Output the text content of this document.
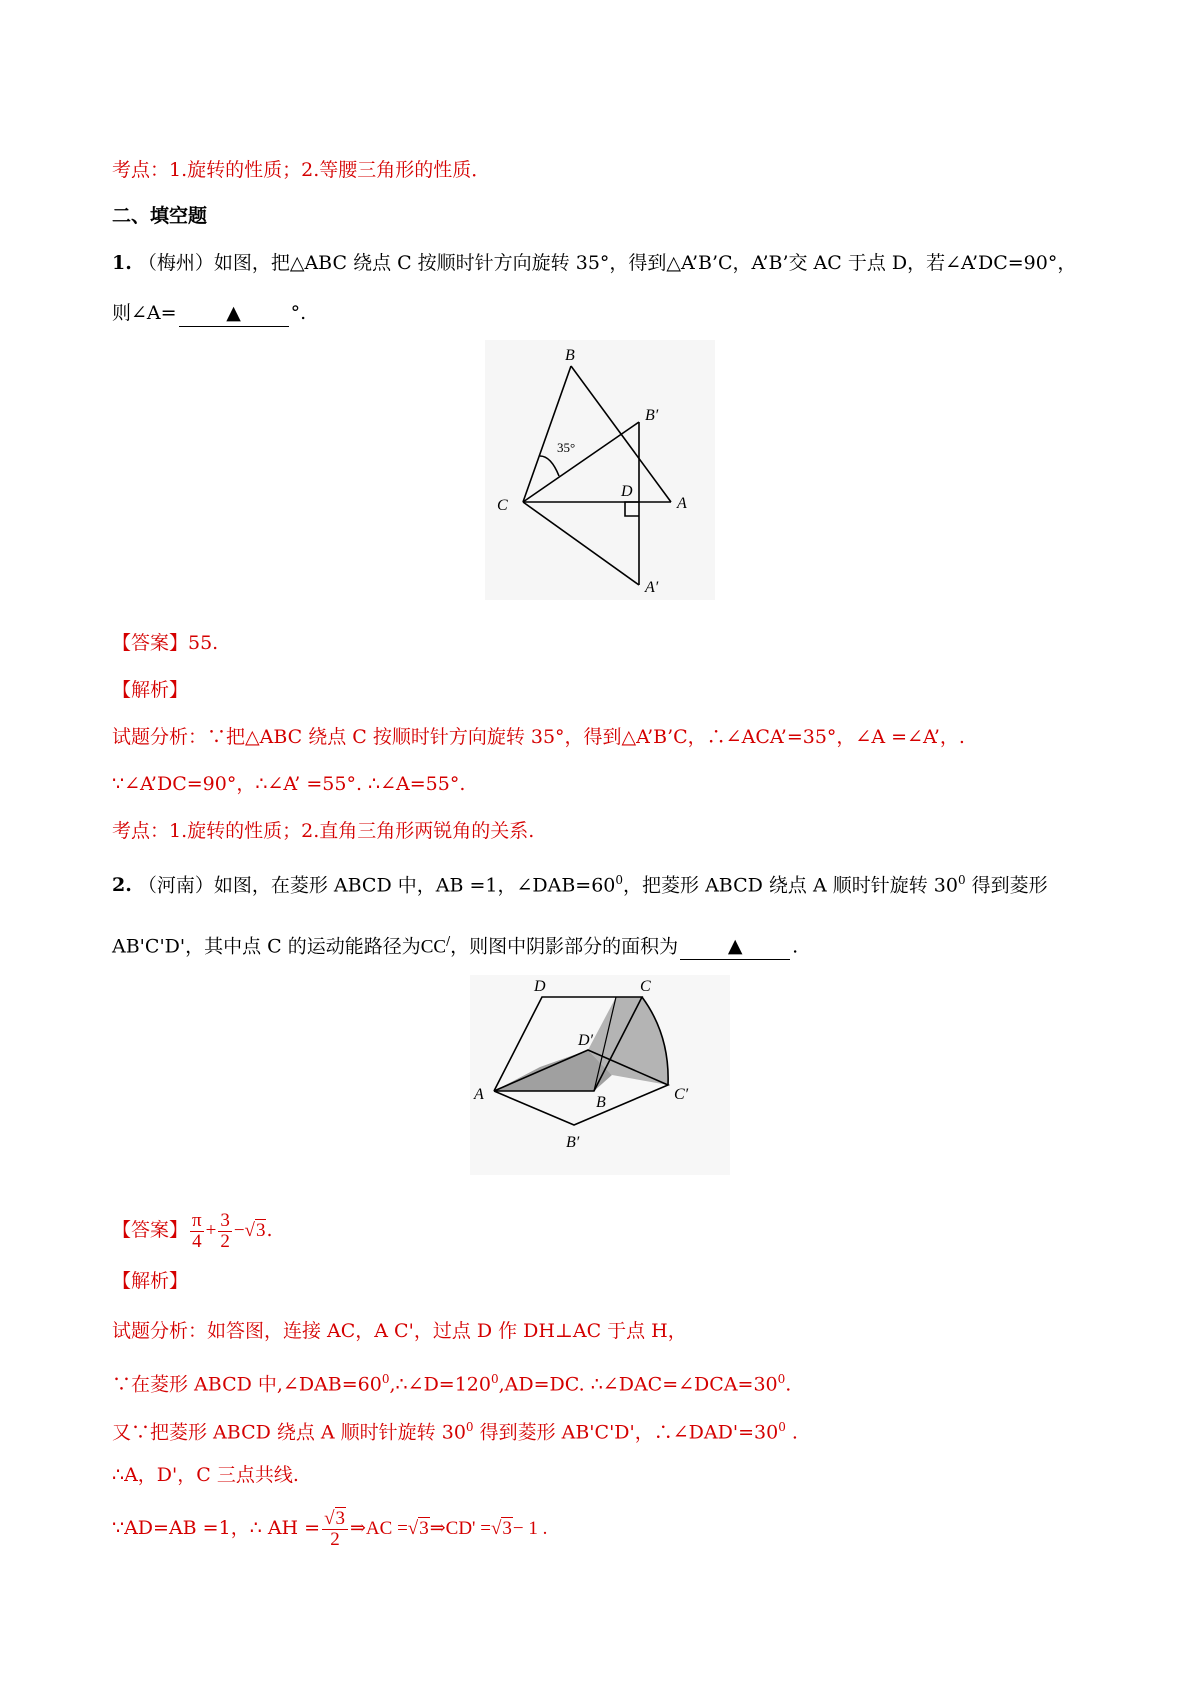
考点：1.旋转的性质；2.等腰三角形的性质．
二、填空题
1. （梅州）如图，把△ABC 绕点 C 按顺时针方向旋转 35°，得到△A’B’C，A’B’交 AC 于点 D，若∠A’DC=90°，
则∠A=	▲	°.
B
B′
35°
C
D
A
A′
【答案】55.
【解析】
试题分析：∵把△ABC 绕点 C 按顺时针方向旋转 35°，得到△A’B’C，∴∠ACA’=35°，∠A =∠A’，.
∵∠A’DC=90°，∴∠A’ =55°. ∴∠A=55°.
考点：1.旋转的性质；2.直角三角形两锐角的关系.
2. （河南）如图，在菱形 ABCD 中，AB =1，$\angle DAB=60^0$，把菱形 ABCD 绕点 A 顺时针旋转 $30^0$ 得到菱形
AB'C'D'，其中点 C 的运动能路径为CC/，则图中阴影部分的面积为	▲	.
D	C
D′
A	B	C′
B′
【答案】 $\frac{\pi}{4} + \frac{3}{2} -√3$.
【解析】
试题分析：如答图，连接 AC，A C'，过点 D 作 DH⊥AC 于点 H，
∵在菱形 ABCD 中$,\angle DAB=60^0,\therefore\angle D=120^0,AD=DC$. $\therefore\angle DAC=\angle DCA=30^0$.
又∵把菱形 ABCD 绕点 A 顺时针旋转 $30^0$ 得到菱形 AB'C'D'，$\therefore\angle DAD'=30^0$ .
∴A，D'，C 三点共线.
∵AD=AB =1，∴ AH = $\frac{√3}{2}$ ⇒AC =√3⇒CD' =√3− 1 .
